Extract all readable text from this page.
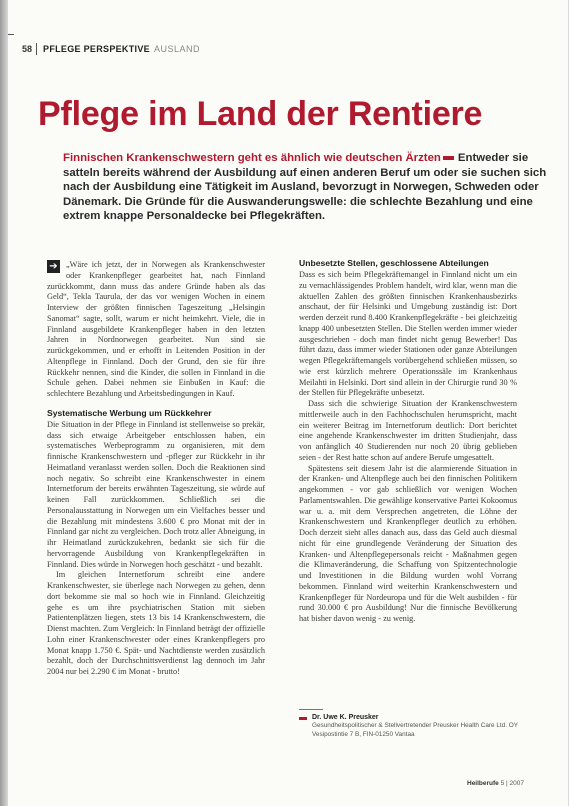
58 PFLEGE PERSPEKTIVE AUSLAND
Pflege im Land der Rentiere

Finnischen Krankenschwestern geht es ähnlich wie deutschen Ärzten Entweder sie satteln bereits während der Ausbildung auf einen anderen Beruf um oder sie suchen sich nach der Ausbildung eine Tätigkeit im Ausland, bevorzugt in Norwegen, Schweden oder Dänemark. Die Gründe für die Auswanderungswelle: die schlechte Bezahlung und eine extrem knappe Personaldecke bei Pflegekräften.

➔ „Wäre ich jetzt, der in Norwegen als Krankenschwester oder Krankenpfleger gearbeitet hat, nach Finnland zurückkommt, dann muss das andere Gründe haben als das Geld“, Tekla Taurula, der das vor wenigen Wochen in einem Interview der größten finnischen Tageszeitung „Helsingin Sanomat“ sagte, sollt, warum er nicht heimkehrt. Viele, die in Finnland ausgebildete Krankenpfleger haben in den letzten Jahren in Nordnorwegen gearbeitet. Nun sind sie zurückgekommen, und er erhofft in Leitenden Position in der Altenpflege in Finnland. Doch der Grund, den sie für ihre Rückkehr nennen, sind die Kinder, die sollen in Finnland in die Schule gehen. Dabei nehmen sie Einbußen in Kauf: die schlechtere Bezahlung und Arbeitsbedingungen in Kauf.

Systematische Werbung um Rückkehrer

Die Situation in der Pflege in Finnland ist stellenweise so prekär, dass sich etwaige Arbeitgeber entschlossen haben, ein systematisches Werbeprogramm zu organisieren, mit dem finnische Krankenschwestern und -pfleger zur Rückkehr in ihr Heimatland veranlasst werden sollen. Doch die Reaktionen sind noch negativ. So schreibt eine Krankenschwester in einem Internetforum der bereits erwähnten Tageszeitung, sie würde auf keinen Fall zurückkommen. Schließlich sei die Personalausstattung in Norwegen um ein Vielfaches besser und die Bezahlung mit mindestens 3.600 € pro Monat mit der in Finnland gar nicht zu vergleichen. Doch trotz aller Abneigung, in ihr Heimatland zurückzukehren, bedankt sie sich für die hervorragende Ausbildung von Krankenpflegekräften in Finnland. Dies würde in Norwegen hoch geschätzt - und bezahlt.

Im gleichen Internetforum schreibt eine andere Krankenschwester, sie überlege nach Norwegen zu gehen, denn dort bekomme sie mal so hoch wie in Finnland. Gleichzeitig gehe es um ihre psychiatrischen Station mit sieben Patientenplätzen liegen, stets 13 bis 14 Krankenschwestern, die Dienst machten. Zum Vergleich: In Finnland beträgt der offizielle Lohn einer Krankenschwester oder eines Krankenpflegers pro Monat knapp 1.750 €. Spät- und Nachtdienste werden zusätzlich bezahlt, doch der Durchschnittsverdienst lag dennoch im Jahr 2004 nur bei 2.290 € im Monat - brutto!

Unbesetzte Stellen, geschlossene Abteilungen

Dass es sich beim Pflegekräftemangel in Finnland nicht um ein zu vernachlässigendes Problem handelt, wird klar, wenn man die aktuellen Zahlen des größten finnischen Krankenhausbezirks anschaut, der für Helsinki und Umgebung zuständig ist: Dort werden derzeit rund 8.400 Krankenpflegekräfte - bei gleichzeitig knapp 400 unbesetzten Stellen. Die Stellen werden immer wieder ausgeschrieben - doch man findet nicht genug Bewerber! Das führt dazu, dass immer wieder Stationen oder ganze Abteilungen wegen Pflegekräftemangels vorübergehend schließen müssen, so wie erst kürzlich mehrere Operationssäle im Krankenhaus Meilahti in Helsinki. Dort sind allein in der Chirurgie rund 30 % der Stellen für Pflegekräfte unbesetzt.

Dass sich die schwierige Situation der Krankenschwestern mittlerweile auch in den Fachhochschulen herumspricht, macht ein weiterer Beitrag im Internetforum deutlich: Dort berichtet eine angehende Krankenschwester im dritten Studienjahr, dass von anfänglich 40 Studierenden nur noch 20 übrig geblieben seien - der Rest hatte schon auf andere Berufe umgesattelt.

Spätestens seit diesem Jahr ist die alarmierende Situation in der Kranken- und Altenpflege auch bei den finnischen Politikern angekommen - vor gab schließlich vor wenigen Wochen Parlamentswahlen. Die gewählige konservative Partei Kokoomus war u. a. mit dem Versprechen angetreten, die Löhne der Krankenschwestern und Krankenpfleger deutlich zu erhöhen. Doch derzeit sieht alles danach aus, dass das Geld auch diesmal nicht für eine grundlegende Veränderung der Situation des Kranken- und Altenpflegepersonals reicht - Maßnahmen gegen die Klimaveränderung, die Schaffung von Spitzentechnologie und Investitionen in die Bildung wurden wohl Vorrang bekommen. Finnland wird weiterhin Krankenschwestern und Krankenpfleger für Nordeuropa und für die Welt ausbilden - für rund 30.000 € pro Ausbildung! Nur die finnische Bevölkerung hat bisher davon wenig - zu wenig.

Dr. Uwe K. Preusker
Gesundheitspolitischer & Stellvertretender Preusker Health Care Ltd. OY
Vesipostintie 7 B, FIN-01250 Vantaa
Heilberufe 5 | 2007
